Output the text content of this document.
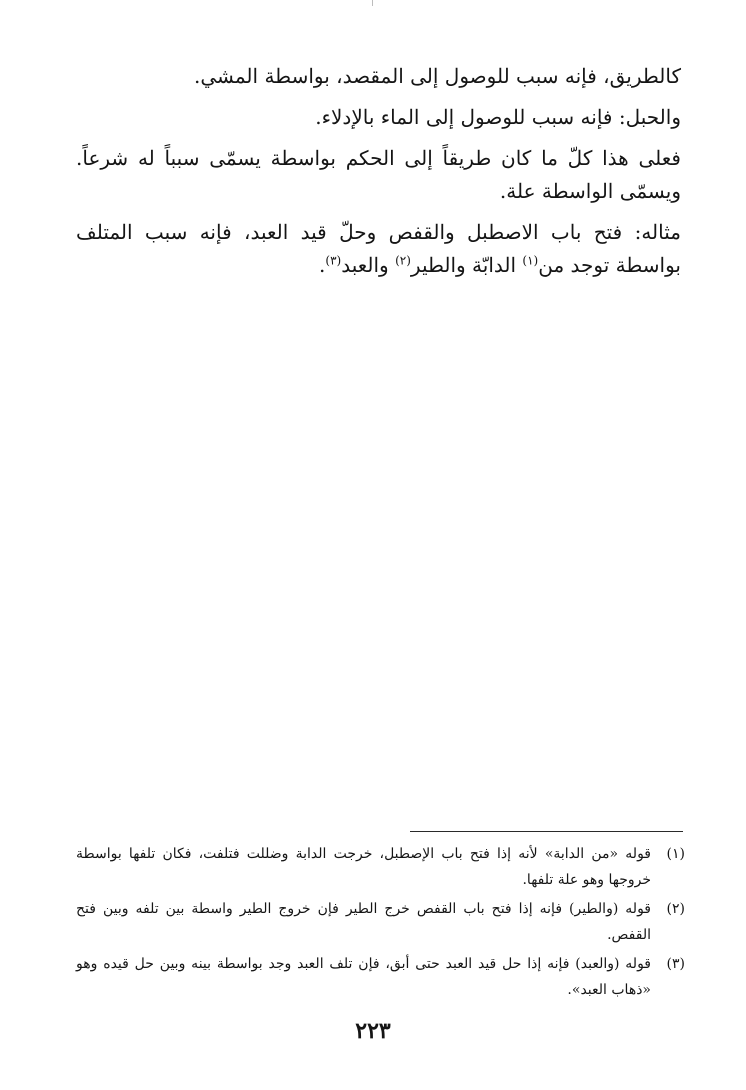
كالطريق، فإنه سبب للوصول إلى المقصد، بواسطة المشي.

والحبل: فإنه سبب للوصول إلى الماء بالإدلاء.

فعلى هذا كلّ ما كان طريقاً إلى الحكم بواسطة يسمّى سبباً له شرعاً. ويسمّى الواسطة علة.

مثاله: فتح باب الاصطبل والقفص وحلّ قيد العبد، فإنه سبب المتلف بواسطة توجد من$^{(١)}$ الدابّة والطير$^{(٢)}$ والعبد$^{(٣)}$.

(١)
قوله «من الدابة» لأنه إذا فتح باب الإصطبل، خرجت الدابة وضللت فتلفت، فكان تلفها بواسطة خروجها وهو علة تلفها.
(٢)
قوله (والطير) فإنه إذا فتح باب القفص خرج الطير فإن خروج الطير واسطة بين تلفه وبين فتح القفص.
(٣)
قوله (والعبد) فإنه إذا حل قيد العبد حتى أبق، فإن تلف العبد وجد بواسطة بينه وبين حل قيده وهو «ذهاب العبد».
٢٢٣
